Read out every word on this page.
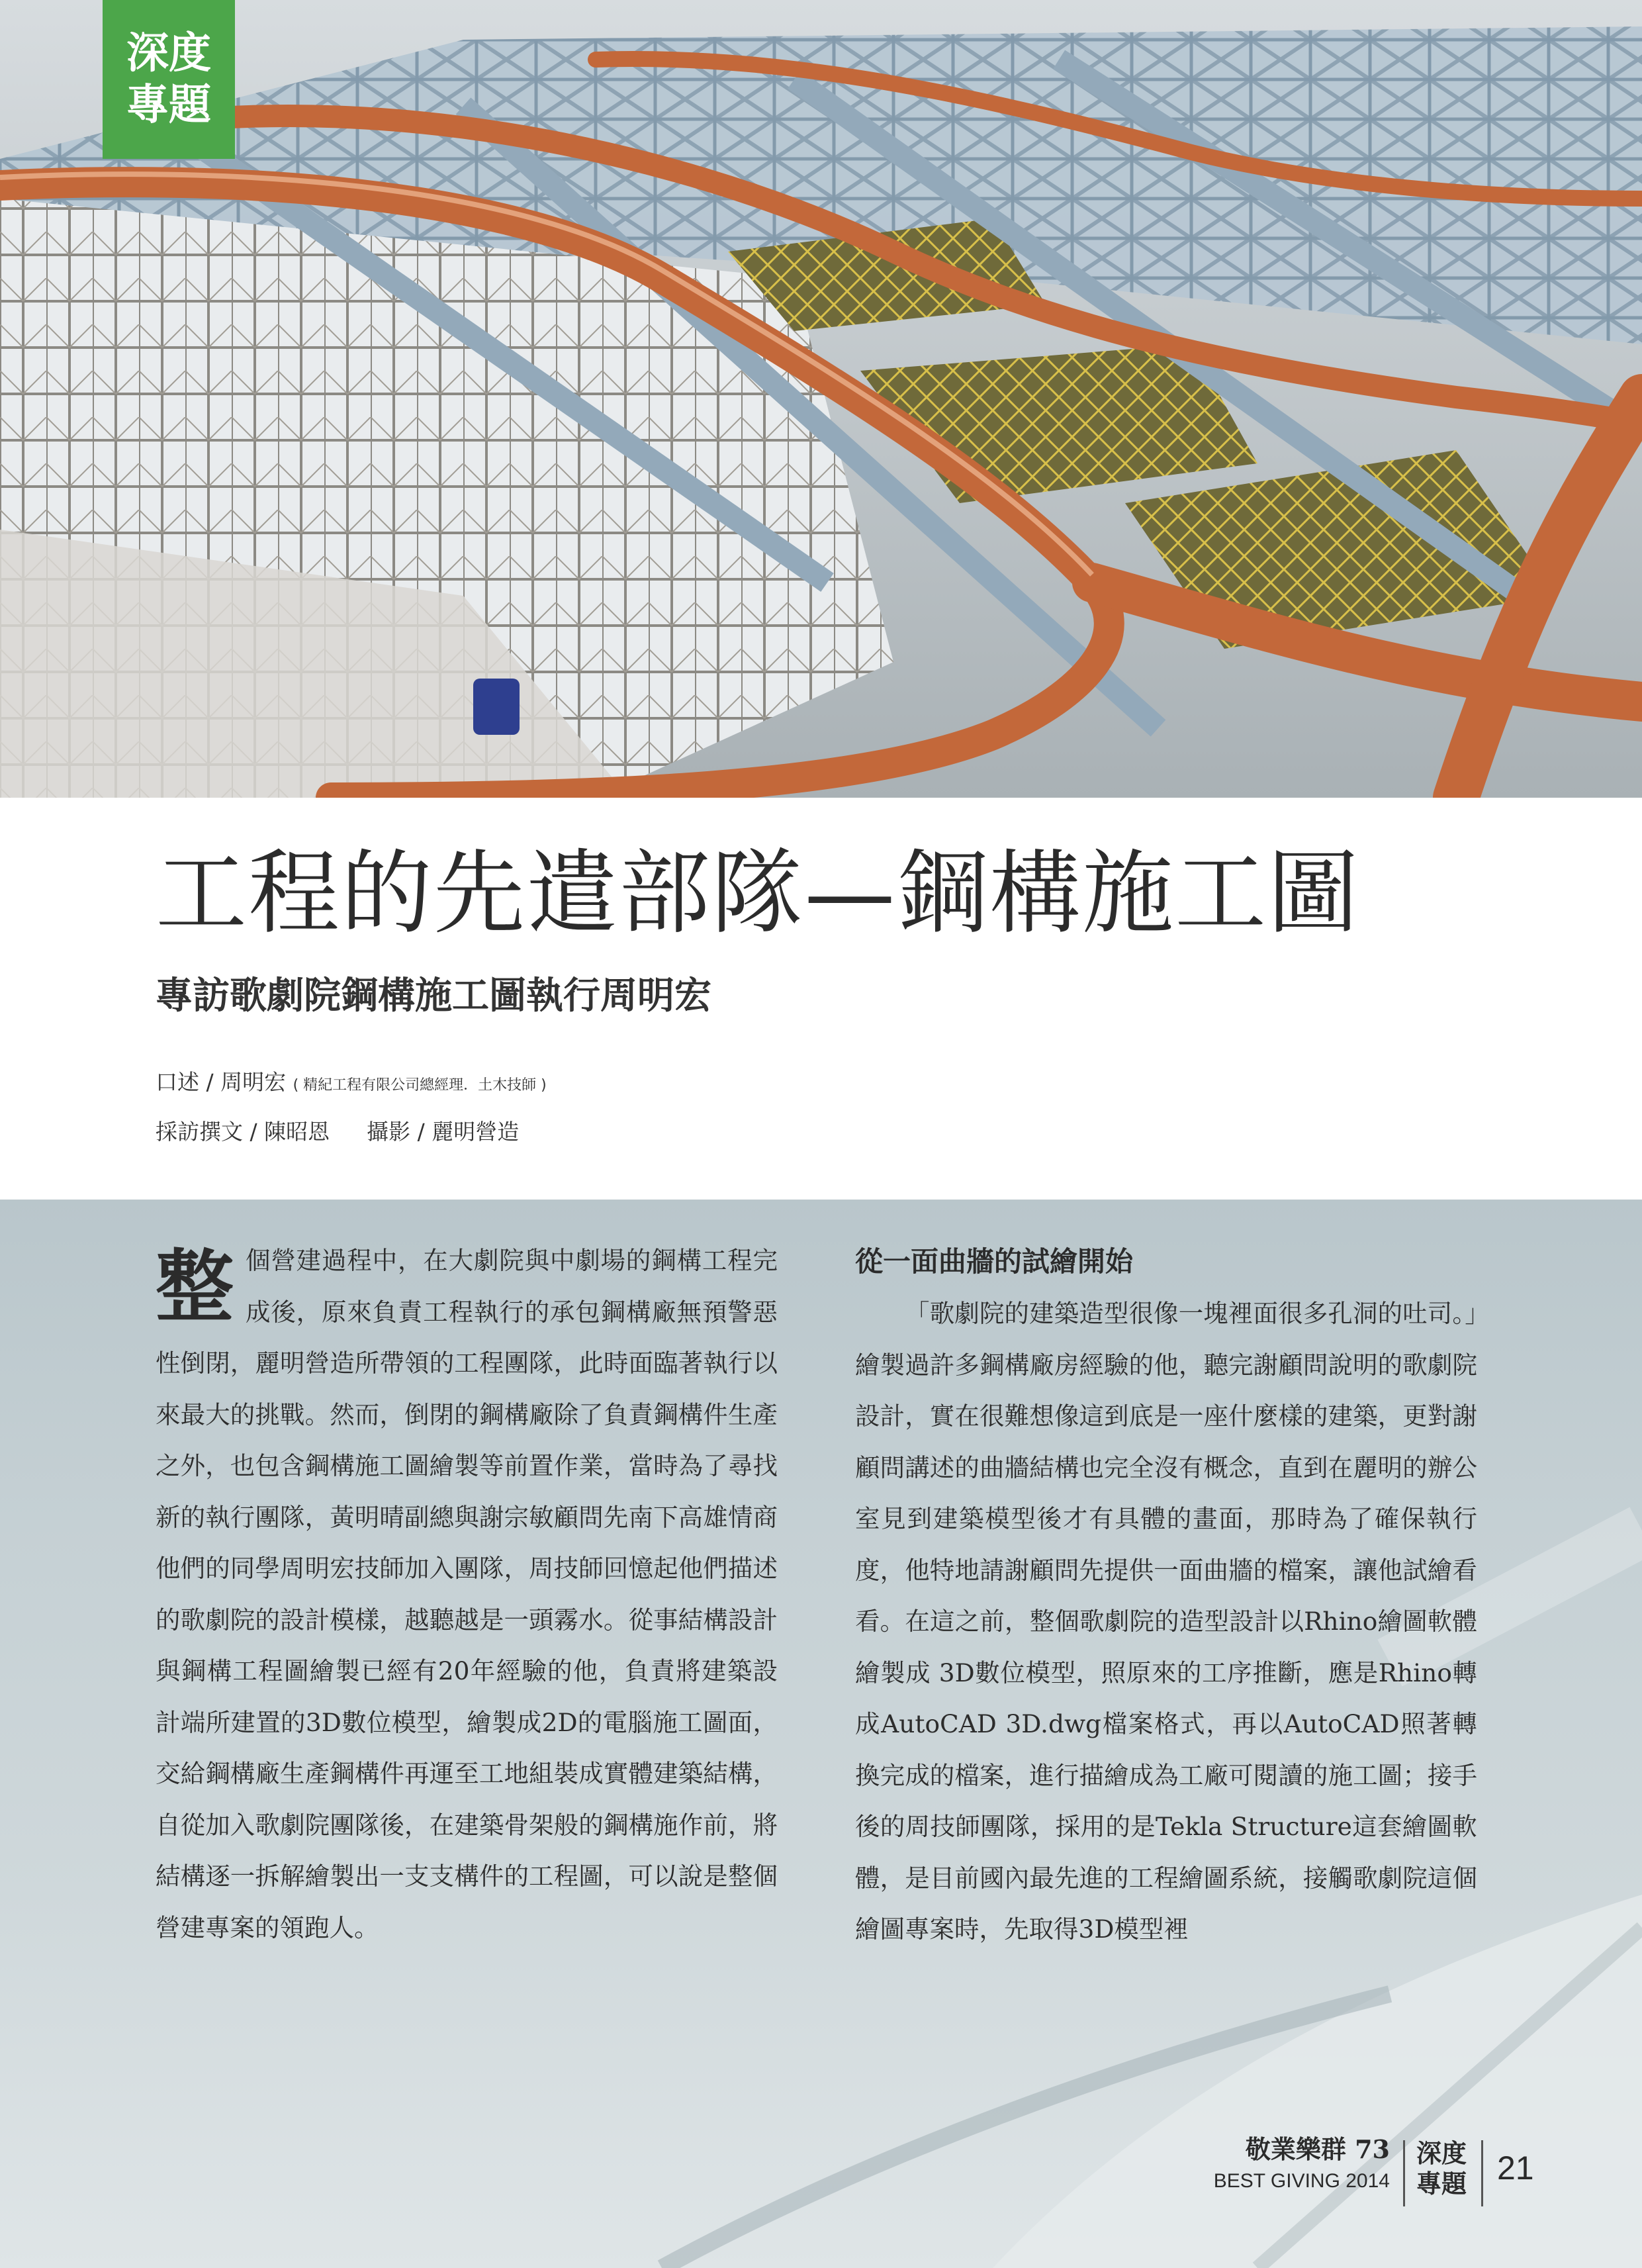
深度
專題
工程的先遣部隊—鋼構施工圖
專訪歌劇院鋼構施工圖執行周明宏
口述 / 周明宏 ( 精紀工程有限公司總經理．土木技師 )
採訪撰文 / 陳昭恩 攝影 / 麗明營造

整個營建過程中，在大劇院與中劇場的鋼構工程完成後，原來負責工程執行的承包鋼構廠無預警惡性倒閉，麗明營造所帶領的工程團隊，此時面臨著執行以來最大的挑戰。然而，倒閉的鋼構廠除了負責鋼構件生產之外，也包含鋼構施工圖繪製等前置作業，當時為了尋找新的執行團隊，黃明晴副總與謝宗敏顧問先南下高雄情商他們的同學周明宏技師加入團隊，周技師回憶起他們描述的歌劇院的設計模樣，越聽越是一頭霧水。從事結構設計與鋼構工程圖繪製已經有20年經驗的他，負責將建築設計端所建置的3D數位模型，繪製成2D的電腦施工圖面，交給鋼構廠生產鋼構件再運至工地組裝成實體建築結構，自從加入歌劇院團隊後，在建築骨架般的鋼構施作前，將結構逐一拆解繪製出一支支構件的工程圖，可以說是整個營建專案的領跑人。

從一面曲牆的試繪開始

「歌劇院的建築造型很像一塊裡面很多孔洞的吐司。」繪製過許多鋼構廠房經驗的他，聽完謝顧問說明的歌劇院設計，實在很難想像這到底是一座什麼樣的建築，更對謝顧問講述的曲牆結構也完全沒有概念，直到在麗明的辦公室見到建築模型後才有具體的畫面，那時為了確保執行度，他特地請謝顧問先提供一面曲牆的檔案，讓他試繪看看。在這之前，整個歌劇院的造型設計以Rhino繪圖軟體繪製成 3D數位模型，照原來的工序推斷，應是Rhino轉成AutoCAD 3D.dwg檔案格式，再以AutoCAD照著轉換完成的檔案，進行描繪成為工廠可閱讀的施工圖；接手後的周技師團隊，採用的是Tekla Structure這套繪圖軟體，是目前國內最先進的工程繪圖系統，接觸歌劇院這個繪圖專案時，先取得3D模型裡

敬業樂群 73
BEST GIVING 2014
深度
專題 21
